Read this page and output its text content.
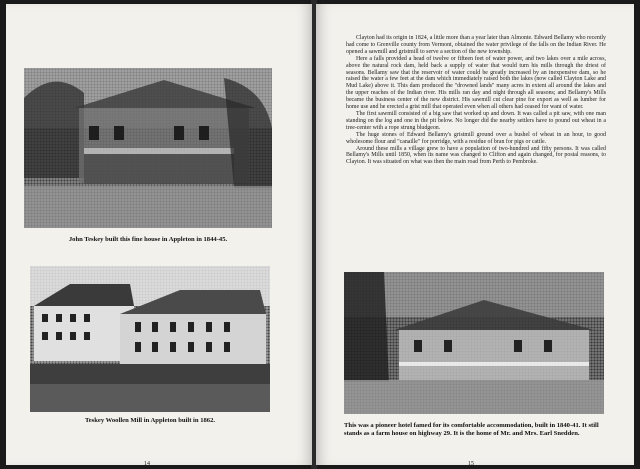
John Teskey built this fine house in Appleton in 1844-45.
Teskey Woollen Mill in Appleton built in 1862.
14

Clayton had its origin in 1824, a little more than a year later than Almonte. Edward Bellamy who recently had come to Grenville county from Vermont, obtained the water privilege of the falls on the Indian River. He opened a sawmill and gristmill to serve a section of the new township.

Here a falls provided a head of twelve or fifteen feet of water power, and two lakes over a mile across, above the natural rock dam, held back a supply of water that would turn his mills through the driest of seasons. Bellamy saw that the reservoir of water could be greatly increased by an inexpensive dam, so he raised the water a few feet at the dam which immediately raised both the lakes (now called Clayton Lake and Mud Lake) above it. This dam produced the "drowned lands" many acres in extent all around the lakes and the upper reaches of the Indian river. His mills ran day and night through all seasons; and Bellamy's Mills became the business center of the new district. His sawmill cut clear pine for export as well as lumber for home use and he erected a grist mill that operated even when all others had ceased for want of water.

The first sawmill consisted of a big saw that worked up and down. It was called a pit saw, with one man standing on the log and one in the pit below. No longer did the nearby settlers have to pound out wheat in a tree-center with a rope strung bludgeon.

The huge stones of Edward Bellamy's gristmill ground over a bushel of wheat in an hour, to good wholesome flour and "canaille" for porridge, with a residue of bran for pigs or cattle.

Around these mills a village grew to have a population of two-hundred and fifty persons. It was called Bellamy's Mills until 1850, when its name was changed to Clifton and again changed, for postal reasons, to Clayton. It was situated on what was then the main road from Perth to Pembroke.

This was a pioneer hotel famed for its comfortable accommodation, built in 1840-41. It still stands as a farm house on highway 29. It is the home of Mr. and Mrs. Earl Snedden.
15
